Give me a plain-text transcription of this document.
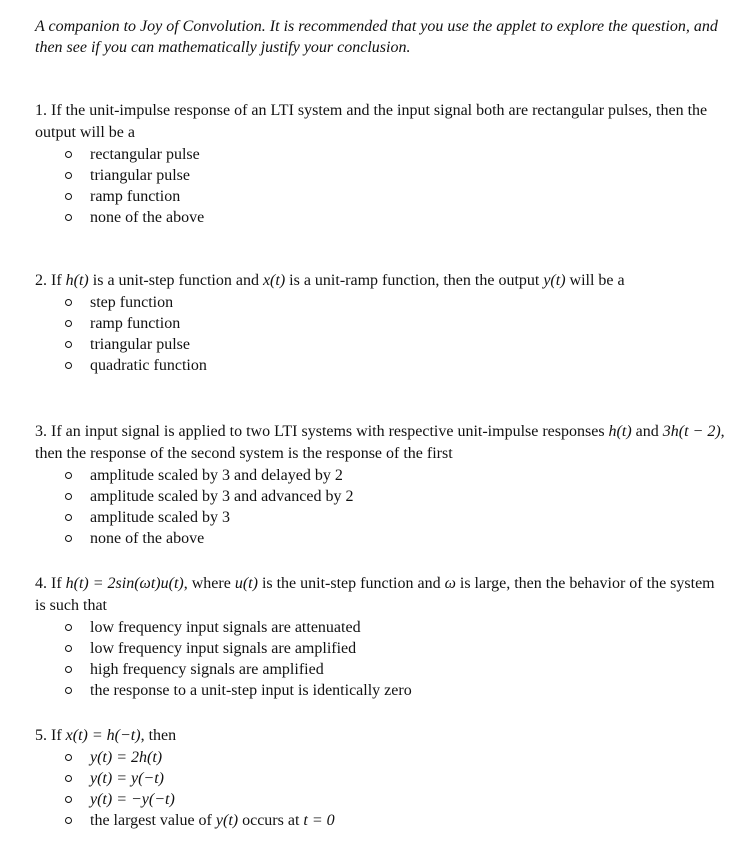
A companion to Joy of Convolution. It is recommended that you use the applet to explore the question, and then see if you can mathematically justify your conclusion.
1. If the unit-impulse response of an LTI system and the input signal both are rectangular pulses, then the output will be a
rectangular pulse
triangular pulse
ramp function
none of the above
2. If h(t) is a unit-step function and x(t) is a unit-ramp function, then the output y(t) will be a
step function
ramp function
triangular pulse
quadratic function
3. If an input signal is applied to two LTI systems with respective unit-impulse responses h(t) and 3h(t − 2), then the response of the second system is the response of the first
amplitude scaled by 3 and delayed by 2
amplitude scaled by 3 and advanced by 2
amplitude scaled by 3
none of the above
4. If h(t) = 2sin(ωt)u(t), where u(t) is the unit-step function and ω is large, then the behavior of the system is such that
low frequency input signals are attenuated
low frequency input signals are amplified
high frequency signals are amplified
the response to a unit-step input is identically zero
5. If x(t) = h(−t), then
y(t) = 2h(t)
y(t) = y(−t)
y(t) = −y(−t)
the largest value of y(t) occurs at t = 0
